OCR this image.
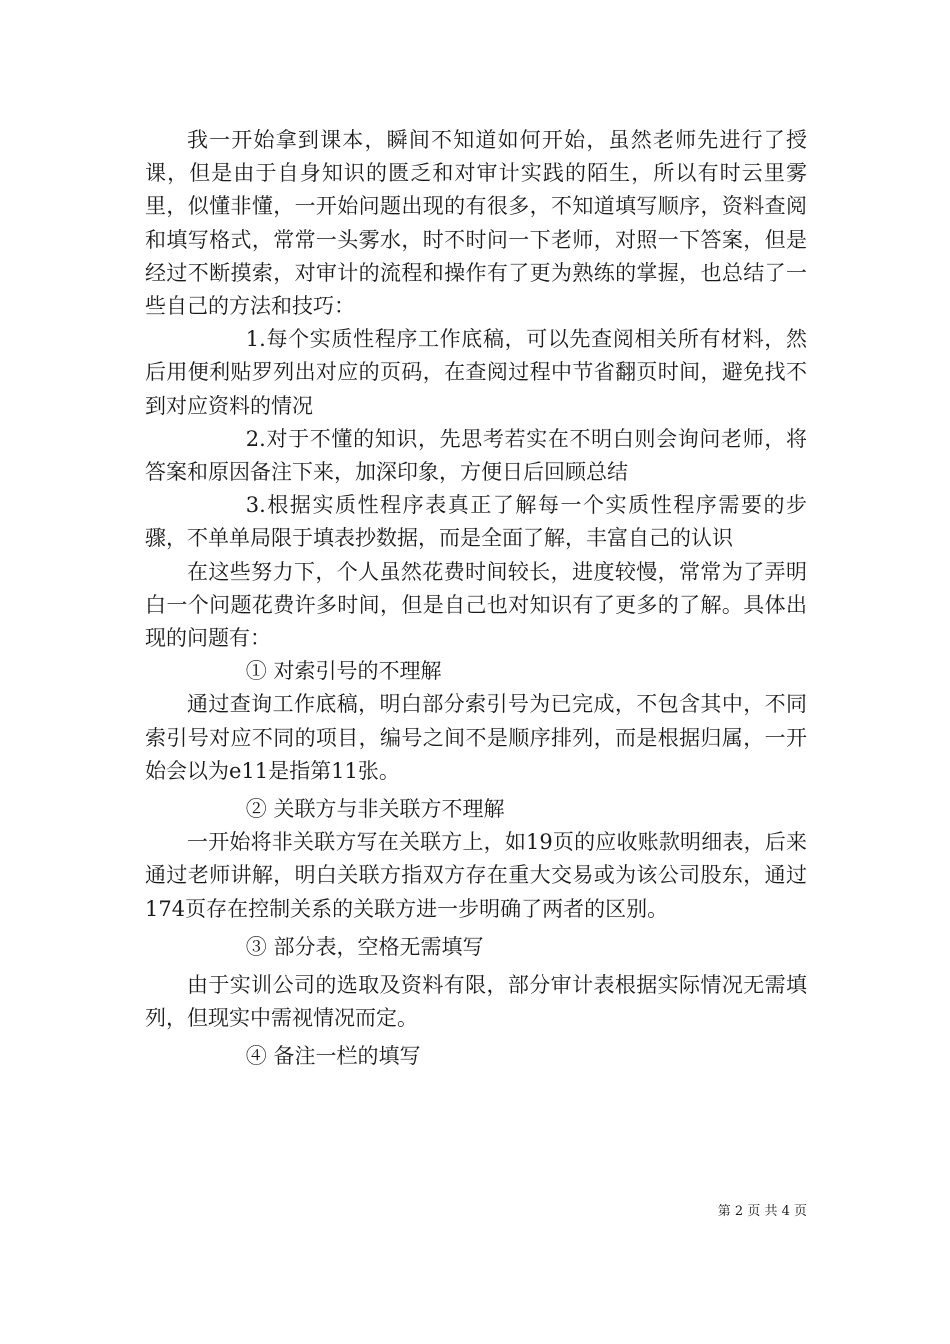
我一开始拿到课本，瞬间不知道如何开始，虽然老师先进行了授课，但是由于自身知识的匮乏和对审计实践的陌生，所以有时云里雾里，似懂非懂，一开始问题出现的有很多，不知道填写顺序，资料查阅和填写格式，常常一头雾水，时不时问一下老师，对照一下答案，但是经过不断摸索，对审计的流程和操作有了更为熟练的掌握，也总结了一些自己的方法和技巧：

1.每个实质性程序工作底稿，可以先查阅相关所有材料，然后用便利贴罗列出对应的页码，在查阅过程中节省翻页时间，避免找不到对应资料的情况

2.对于不懂的知识，先思考若实在不明白则会询问老师，将答案和原因备注下来，加深印象，方便日后回顾总结

3.根据实质性程序表真正了解每一个实质性程序需要的步骤，不单单局限于填表抄数据，而是全面了解，丰富自己的认识

在这些努力下，个人虽然花费时间较长，进度较慢，常常为了弄明白一个问题花费许多时间，但是自己也对知识有了更多的了解。具体出现的问题有：

① 对索引号的不理解

通过查询工作底稿，明白部分索引号为已完成，不包含其中，不同索引号对应不同的项目，编号之间不是顺序排列，而是根据归属，一开始会以为e11是指第11张。

② 关联方与非关联方不理解

一开始将非关联方写在关联方上，如19页的应收账款明细表，后来通过老师讲解，明白关联方指双方存在重大交易或为该公司股东，通过174页存在控制关系的关联方进一步明确了两者的区别。

③ 部分表，空格无需填写

由于实训公司的选取及资料有限，部分审计表根据实际情况无需填列，但现实中需视情况而定。

④ 备注一栏的填写

第 2 页 共 4 页
